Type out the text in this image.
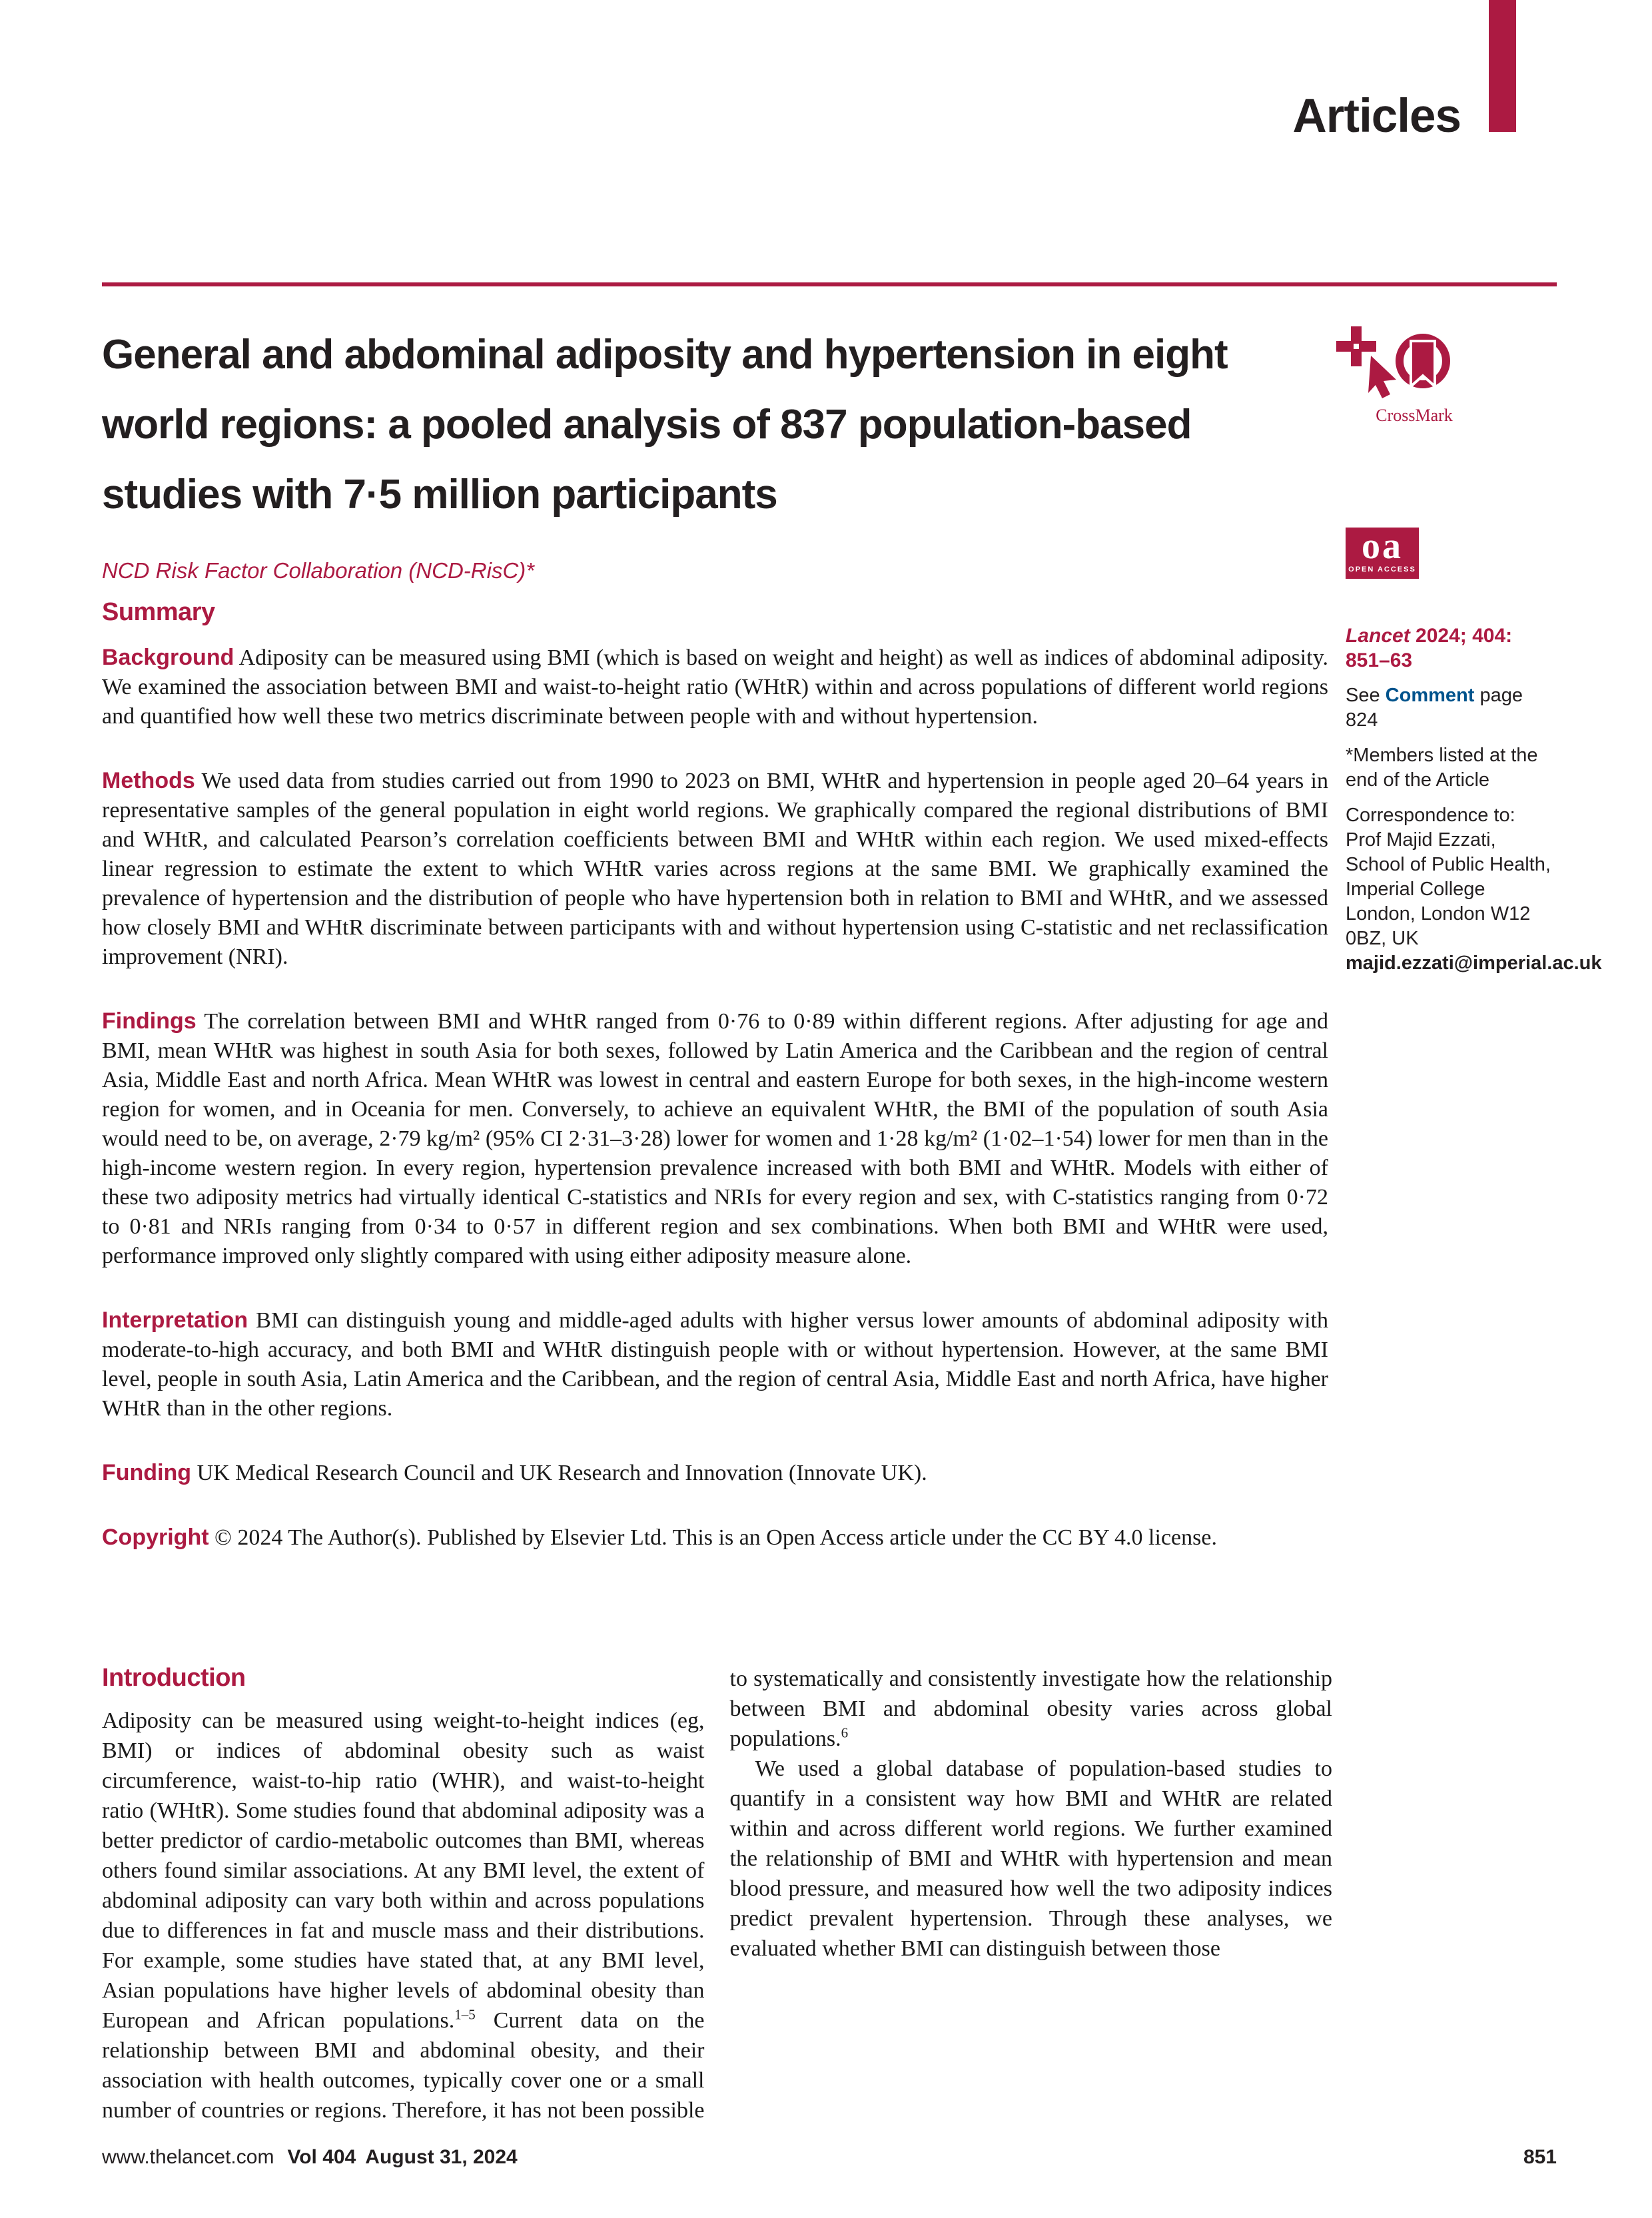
Articles
General and abdominal adiposity and hypertension in eight
world regions: a pooled analysis of 837 population-based
studies with 7·5 million participants
CrossMark
NCD Risk Factor Collaboration (NCD-RisC)*
oa
OPEN ACCESS
Summary

Background Adiposity can be measured using BMI (which is based on weight and height) as well as indices of abdominal adiposity. We examined the association between BMI and waist-to-height ratio (WHtR) within and across populations of different world regions and quantified how well these two metrics discriminate between people with and without hypertension.

Methods We used data from studies carried out from 1990 to 2023 on BMI, WHtR and hypertension in people aged 20–64 years in representative samples of the general population in eight world regions. We graphically compared the regional distributions of BMI and WHtR, and calculated Pearson’s correlation coefficients between BMI and WHtR within each region. We used mixed-effects linear regression to estimate the extent to which WHtR varies across regions at the same BMI. We graphically examined the prevalence of hypertension and the distribution of people who have hypertension both in relation to BMI and WHtR, and we assessed how closely BMI and WHtR discriminate between participants with and without hypertension using C-statistic and net reclassification improvement (NRI).

Findings The correlation between BMI and WHtR ranged from 0·76 to 0·89 within different regions. After adjusting for age and BMI, mean WHtR was highest in south Asia for both sexes, followed by Latin America and the Caribbean and the region of central Asia, Middle East and north Africa. Mean WHtR was lowest in central and eastern Europe for both sexes, in the high-income western region for women, and in Oceania for men. Conversely, to achieve an equivalent WHtR, the BMI of the population of south Asia would need to be, on average, 2·79 kg/m² (95% CI 2·31–3·28) lower for women and 1·28 kg/m² (1·02–1·54) lower for men than in the high-income western region. In every region, hypertension prevalence increased with both BMI and WHtR. Models with either of these two adiposity metrics had virtually identical C-statistics and NRIs for every region and sex, with C-statistics ranging from 0·72 to 0·81 and NRIs ranging from 0·34 to 0·57 in different region and sex combinations. When both BMI and WHtR were used, performance improved only slightly compared with using either adiposity measure alone.

Interpretation BMI can distinguish young and middle-aged adults with higher versus lower amounts of abdominal adiposity with moderate-to-high accuracy, and both BMI and WHtR distinguish people with or without hypertension. However, at the same BMI level, people in south Asia, Latin America and the Caribbean, and the region of central Asia, Middle East and north Africa, have higher WHtR than in the other regions.

Funding UK Medical Research Council and UK Research and Innovation (Innovate UK).

Copyright © 2024 The Author(s). Published by Elsevier Ltd. This is an Open Access article under the CC BY 4.0 license.

Lancet 2024; 404: 851–63

See Comment page 824

*Members listed at the end of the Article

Correspondence to:
Prof Majid Ezzati, School of Public Health, Imperial College London, London W12 0BZ, UK
majid.ezzati@imperial.ac.uk

Introduction

Adiposity can be measured using weight-to-height indices (eg, BMI) or indices of abdominal obesity such as waist circumference, waist-to-hip ratio (WHR), and waist-to-height ratio (WHtR). Some studies found that abdominal adiposity was a better predictor of cardio-metabolic outcomes than BMI, whereas others found similar associations. At any BMI level, the extent of abdominal adiposity can vary both within and across populations due to differences in fat and muscle mass and their distributions. For example, some studies have stated that, at any BMI level, Asian populations have higher levels of abdominal obesity than European and African populations.$^{1-5}$ Current data on the relationship between BMI and abdominal obesity, and their association with health outcomes, typically cover one or a small number of countries or regions. Therefore, it has not been possible to systematically and consistently investigate how the relationship between BMI and abdominal obesity varies across global populations.$^6$

We used a global database of population-based studies to quantify in a consistent way how BMI and WHtR are related within and across different world regions. We further examined the relationship of BMI and WHtR with hypertension and mean blood pressure, and measured how well the two adiposity indices predict prevalent hypertension. Through these analyses, we evaluated whether BMI can distinguish between those

www.thelancet.com Vol 404 August 31, 2024	851
